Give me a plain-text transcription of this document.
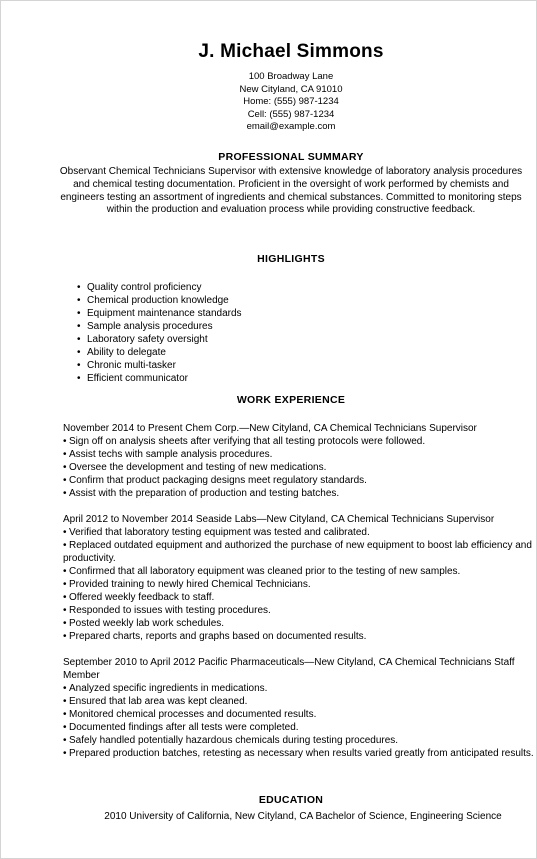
J. Michael Simmons
100 Broadway Lane
New Cityland, CA 91010
Home: (555) 987-1234
Cell: (555) 987-1234
email@example.com
PROFESSIONAL SUMMARY
Observant Chemical Technicians Supervisor with extensive knowledge of laboratory analysis procedures and chemical testing documentation. Proficient in the oversight of work performed by chemists and engineers testing an assortment of ingredients and chemical substances. Committed to monitoring steps within the production and evaluation process while providing constructive feedback.
HIGHLIGHTS
• Quality control proficiency
• Chemical production knowledge
• Equipment maintenance standards
• Sample analysis procedures
• Laboratory safety oversight
• Ability to delegate
• Chronic multi-tasker
• Efficient communicator
WORK EXPERIENCE
November 2014 to Present Chem Corp.—New Cityland, CA Chemical Technicians Supervisor
• Sign off on analysis sheets after verifying that all testing protocols were followed.
• Assist techs with sample analysis procedures.
• Oversee the development and testing of new medications.
• Confirm that product packaging designs meet regulatory standards.
• Assist with the preparation of production and testing batches.
April 2012 to November 2014 Seaside Labs—New Cityland, CA Chemical Technicians Supervisor
• Verified that laboratory testing equipment was tested and calibrated.
• Replaced outdated equipment and authorized the purchase of new equipment to boost lab efficiency and productivity.
• Confirmed that all laboratory equipment was cleaned prior to the testing of new samples.
• Provided training to newly hired Chemical Technicians.
• Offered weekly feedback to staff.
• Responded to issues with testing procedures.
• Posted weekly lab work schedules.
• Prepared charts, reports and graphs based on documented results.
September 2010 to April 2012 Pacific Pharmaceuticals—New Cityland, CA Chemical Technicians Staff Member
• Analyzed specific ingredients in medications.
• Ensured that lab area was kept cleaned.
• Monitored chemical processes and documented results.
• Documented findings after all tests were completed.
• Safely handled potentially hazardous chemicals during testing procedures.
• Prepared production batches, retesting as necessary when results varied greatly from anticipated results.
EDUCATION
2010 University of California, New Cityland, CA Bachelor of Science, Engineering Science
